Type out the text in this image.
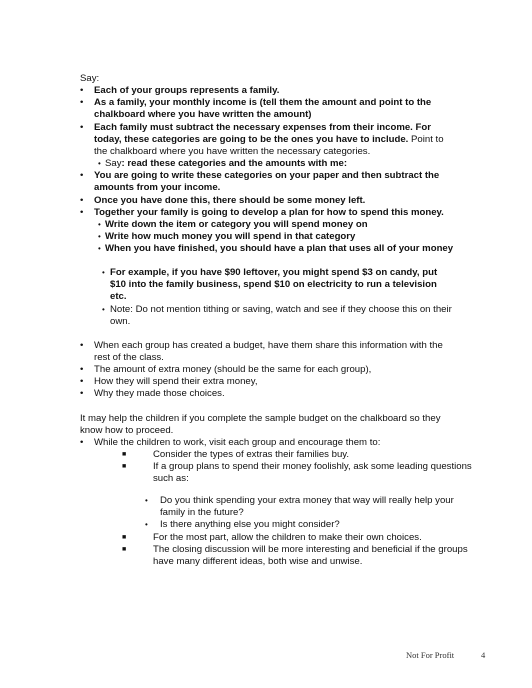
Say:
• Each of your groups represents a family.
• As a family, your monthly income is (tell them the amount and point to the
chalkboard where you have written the amount)
• Each family must subtract the necessary expenses from their income. For
today, these categories are going to be the ones you have to include. Point to
the chalkboard where you have written the necessary categories.
• Say: read these categories and the amounts with me:
• You are going to write these categories on your paper and then subtract the
amounts from your income.
• Once you have done this, there should be some money left.
• Together your family is going to develop a plan for how to spend this money.
• Write down the item or category you will spend money on
• Write how much money you will spend in that category
• When you have finished, you should have a plan that uses all of your money
• For example, if you have $90 leftover, you might spend $3 on candy, put
$10 into the family business, spend $10 on electricity to run a television
etc.
• Note: Do not mention tithing or saving, watch and see if they choose this on their
own.
• When each group has created a budget, have them share this information with the
rest of the class.
• The amount of extra money (should be the same for each group),
• How they will spend their extra money,
• Why they made those choices.
It may help the children if you complete the sample budget on the chalkboard so they
know how to proceed.
• While the children to work, visit each group and encourage them to:
■	Consider the types of extras their families buy.
■	If a group plans to spend their money foolishly, ask some leading questions
such as:
• Do you think spending your extra money that way will really help your
family in the future?
• Is there anything else you might consider?
■	For the most part, allow the children to make their own choices.
■	The closing discussion will be more interesting and beneficial if the groups
have many different ideas, both wise and unwise.
Not For Profit	4
